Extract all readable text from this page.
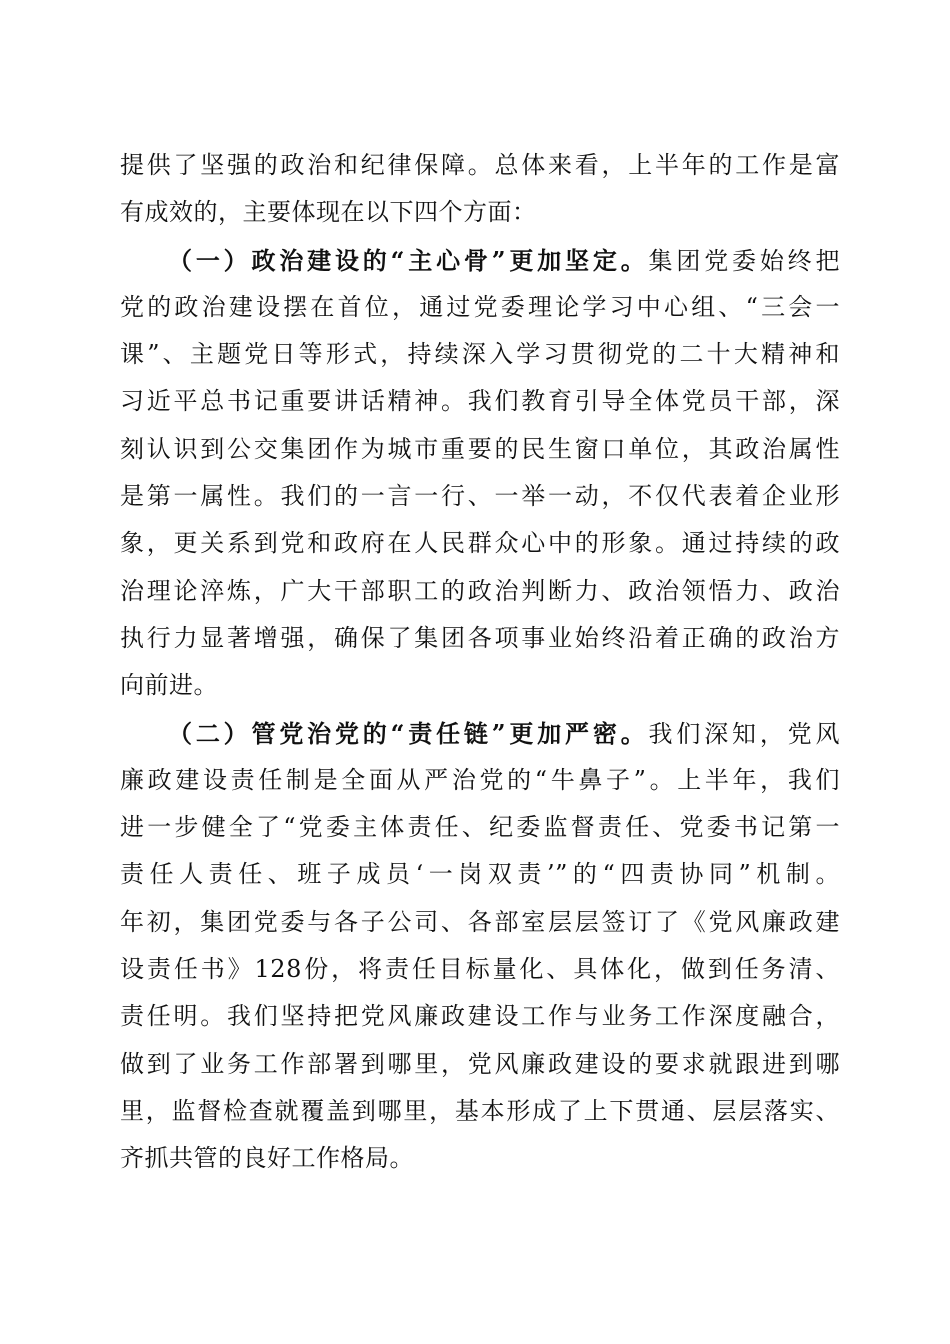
提供了坚强的政治和纪律保障。总体来看，上半年的工作是富
有成效的，主要体现在以下四个方面：
（一）政治建设的“主心骨”更加坚定。集团党委始终把
党的政治建设摆在首位，通过党委理论学习中心组、“三会一
课”、主题党日等形式，持续深入学习贯彻党的二十大精神和
习近平总书记重要讲话精神。我们教育引导全体党员干部，深
刻认识到公交集团作为城市重要的民生窗口单位，其政治属性
是第一属性。我们的一言一行、一举一动，不仅代表着企业形
象，更关系到党和政府在人民群众心中的形象。通过持续的政
治理论淬炼，广大干部职工的政治判断力、政治领悟力、政治
执行力显著增强，确保了集团各项事业始终沿着正确的政治方
向前进。
（二）管党治党的“责任链”更加严密。我们深知，党风
廉政建设责任制是全面从严治党的“牛鼻子”。上半年，我们
进一步健全了“党委主体责任、纪委监督责任、党委书记第一
责任人责任、班子成员‘一岗双责’”的“四责协同”机制。
年初，集团党委与各子公司、各部室层层签订了《党风廉政建
设责任书》128份，将责任目标量化、具体化，做到任务清、
责任明。我们坚持把党风廉政建设工作与业务工作深度融合，
做到了业务工作部署到哪里，党风廉政建设的要求就跟进到哪
里，监督检查就覆盖到哪里，基本形成了上下贯通、层层落实、
齐抓共管的良好工作格局。
